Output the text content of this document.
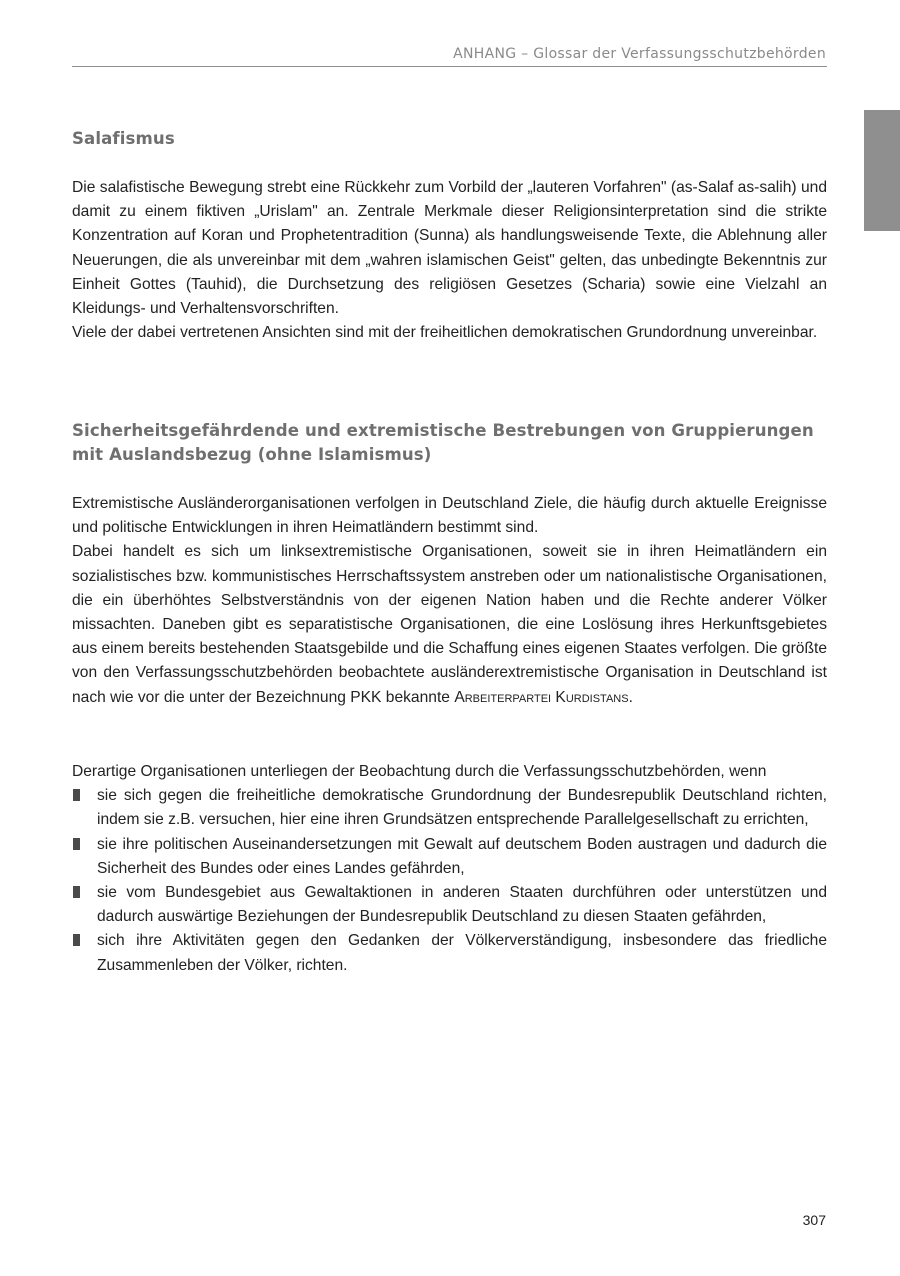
ANHANG – Glossar der Verfassungsschutzbehörden
Salafismus

Die salafistische Bewegung strebt eine Rückkehr zum Vorbild der „lauteren Vorfahren" (as-Salaf as-salih) und damit zu einem fiktiven „Urislam" an. Zentrale Merkmale dieser Religionsinterpretation sind die strikte Konzentration auf Koran und Prophetentradition (Sunna) als handlungsweisende Texte, die Ablehnung aller Neuerungen, die als unvereinbar mit dem „wahren islamischen Geist" gelten, das unbedingte Bekenntnis zur Einheit Gottes (Tauhid), die Durchsetzung des religiösen Gesetzes (Scharia) sowie eine Vielzahl an Kleidungs- und Verhaltensvorschriften.

Viele der dabei vertretenen Ansichten sind mit der freiheitlichen demokratischen Grundordnung unvereinbar.

Sicherheitsgefährdende und extremistische Bestrebungen von Gruppierungen mit Auslandsbezug (ohne Islamismus)

Extremistische Ausländerorganisationen verfolgen in Deutschland Ziele, die häufig durch aktuelle Ereignisse und politische Entwicklungen in ihren Heimatländern bestimmt sind.

Dabei handelt es sich um linksextremistische Organisationen, soweit sie in ihren Heimatländern ein sozialistisches bzw. kommunistisches Herrschaftssystem anstreben oder um nationalistische Organisationen, die ein überhöhtes Selbstverständnis von der eigenen Nation haben und die Rechte anderer Völker missachten. Daneben gibt es separatistische Organisationen, die eine Loslösung ihres Herkunftsgebietes aus einem bereits bestehenden Staatsgebilde und die Schaffung eines eigenen Staates verfolgen. Die größte von den Verfassungsschutzbehörden beobachtete ausländerextremistische Organisation in Deutschland ist nach wie vor die unter der Bezeichnung PKK bekannte Arbeiterpartei Kurdistans.

Derartige Organisationen unterliegen der Beobachtung durch die Verfassungsschutzbehörden, wenn

sie sich gegen die freiheitliche demokratische Grundordnung der Bundesrepublik Deutschland richten, indem sie z.B. versuchen, hier eine ihren Grundsätzen entsprechende Parallelgesellschaft zu errichten,
sie ihre politischen Auseinandersetzungen mit Gewalt auf deutschem Boden austragen und dadurch die Sicherheit des Bundes oder eines Landes gefährden,
sie vom Bundesgebiet aus Gewaltaktionen in anderen Staaten durchführen oder unterstützen und dadurch auswärtige Beziehungen der Bundesrepublik Deutschland zu diesen Staaten gefährden,
sich ihre Aktivitäten gegen den Gedanken der Völkerverständigung, insbesondere das friedliche Zusammenleben der Völker, richten.
307
